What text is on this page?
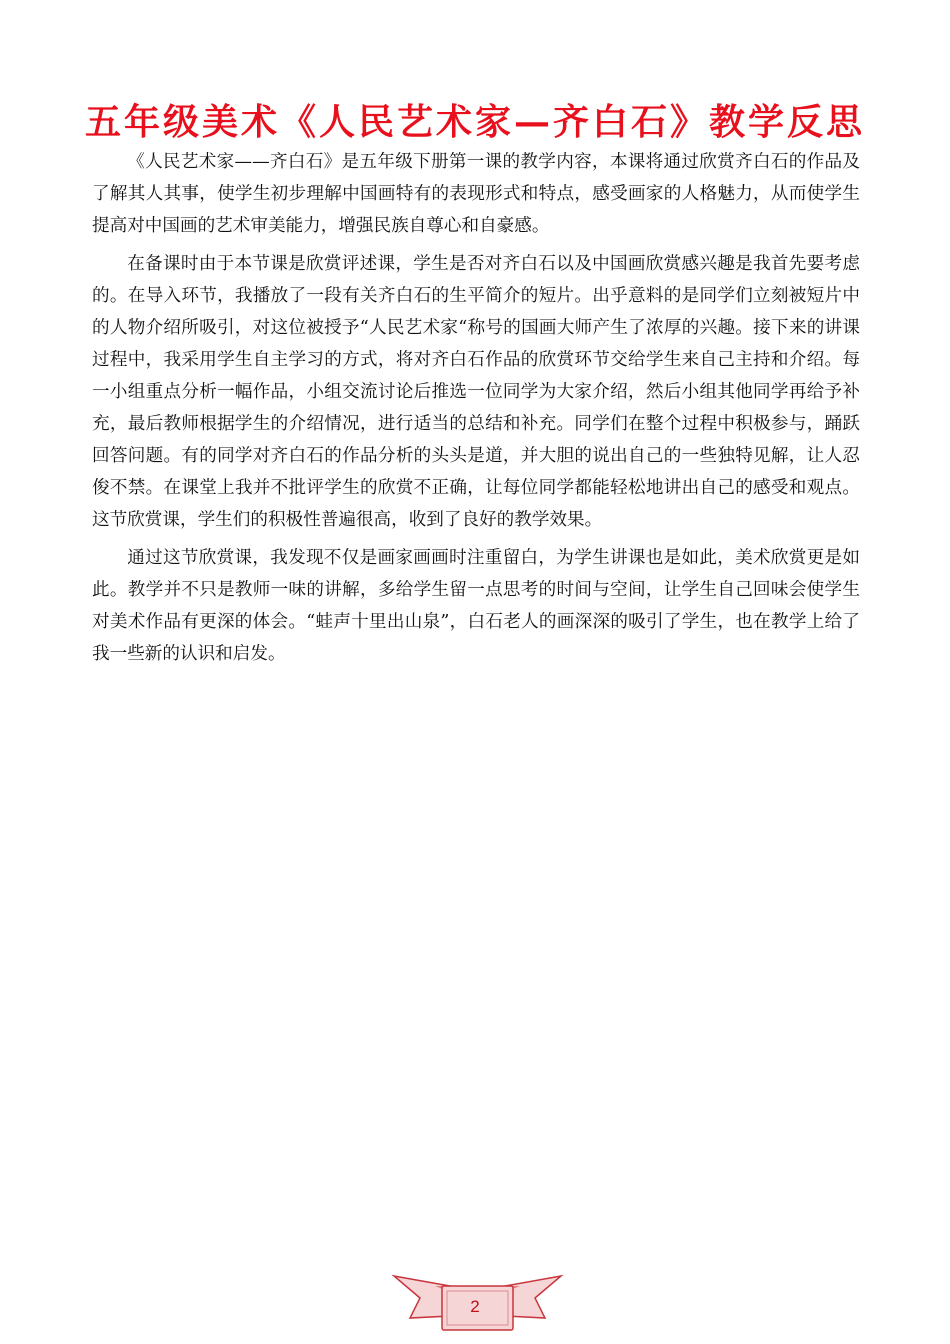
五年级美术《人民艺术家—齐白石》教学反思

《人民艺术家——齐白石》是五年级下册第一课的教学内容，本课将通过欣赏齐白石的作品及了解其人其事，使学生初步理解中国画特有的表现形式和特点，感受画家的人格魅力，从而使学生提高对中国画的艺术审美能力，增强民族自尊心和自豪感。

在备课时由于本节课是欣赏评述课，学生是否对齐白石以及中国画欣赏感兴趣是我首先要考虑的。在导入环节，我播放了一段有关齐白石的生平简介的短片。出乎意料的是同学们立刻被短片中的人物介绍所吸引，对这位被授予“人民艺术家“称号的国画大师产生了浓厚的兴趣。接下来的讲课过程中，我采用学生自主学习的方式，将对齐白石作品的欣赏环节交给学生来自己主持和介绍。每一小组重点分析一幅作品，小组交流讨论后推选一位同学为大家介绍，然后小组其他同学再给予补充，最后教师根据学生的介绍情况，进行适当的总结和补充。同学们在整个过程中积极参与，踊跃回答问题。有的同学对齐白石的作品分析的头头是道，并大胆的说出自己的一些独特见解，让人忍俊不禁。在课堂上我并不批评学生的欣赏不正确，让每位同学都能轻松地讲出自己的感受和观点。这节欣赏课，学生们的积极性普遍很高，收到了良好的教学效果。

通过这节欣赏课，我发现不仅是画家画画时注重留白，为学生讲课也是如此，美术欣赏更是如此。教学并不只是教师一味的讲解，多给学生留一点思考的时间与空间，让学生自己回味会使学生对美术作品有更深的体会。“蛙声十里出山泉”，白石老人的画深深的吸引了学生，也在教学上给了我一些新的认识和启发。

2
